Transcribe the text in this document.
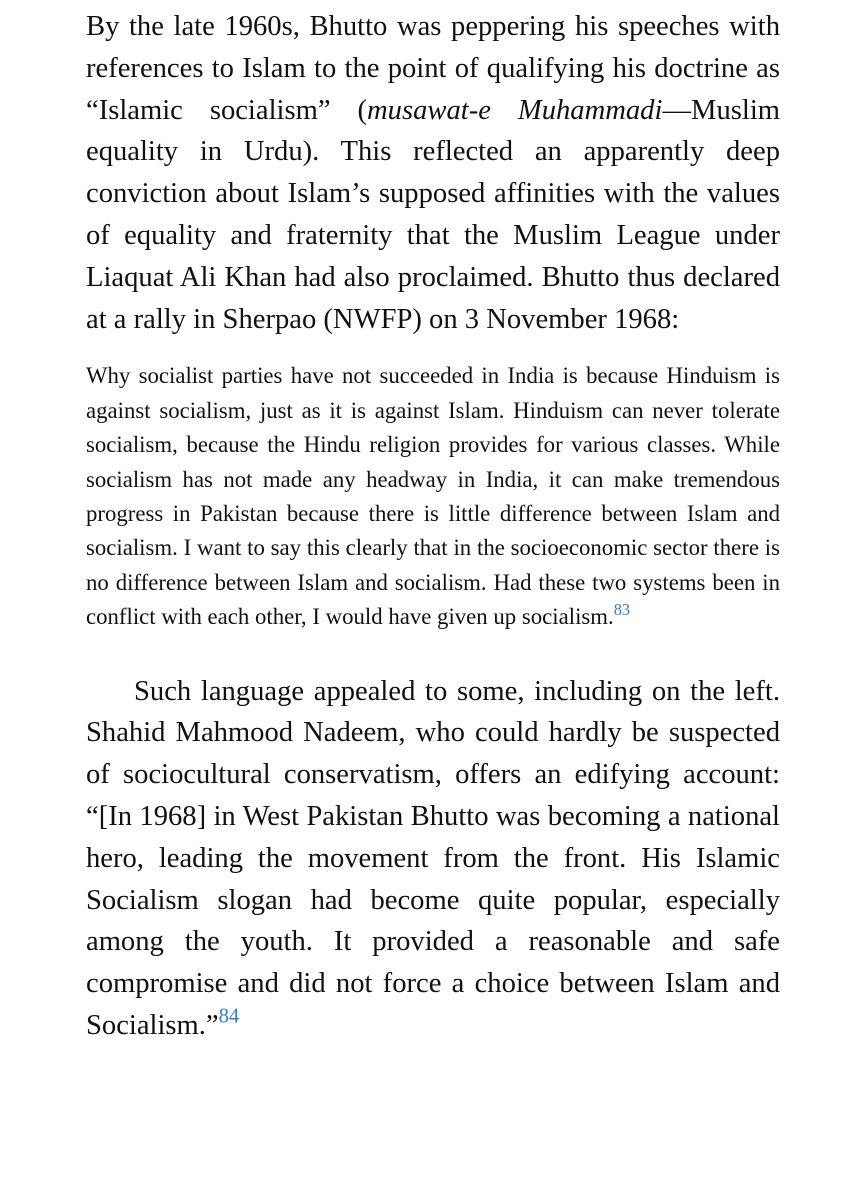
By the late 1960s, Bhutto was peppering his speeches with references to Islam to the point of qualifying his doctrine as “Islamic socialism” (musawat-e Muhammadi—Muslim equality in Urdu). This reflected an apparently deep conviction about Islam’s supposed affinities with the values of equality and fraternity that the Muslim League under Liaquat Ali Khan had also proclaimed. Bhutto thus declared at a rally in Sherpao (NWFP) on 3 November 1968:

Why socialist parties have not succeeded in India is because Hinduism is against socialism, just as it is against Islam. Hinduism can never tolerate socialism, because the Hindu religion provides for various classes. While socialism has not made any headway in India, it can make tremendous progress in Pakistan because there is little difference between Islam and socialism. I want to say this clearly that in the socioeconomic sector there is no difference between Islam and socialism. Had these two systems been in conflict with each other, I would have given up socialism.$^{83}$

Such language appealed to some, including on the left. Shahid Mahmood Nadeem, who could hardly be suspected of sociocultural conservatism, offers an edifying account: “[In 1968] in West Pakistan Bhutto was becoming a national hero, leading the movement from the front. His Islamic Socialism slogan had become quite popular, especially among the youth. It provided a reasonable and safe compromise and did not force a choice between Islam and Socialism.”$^{84}$
